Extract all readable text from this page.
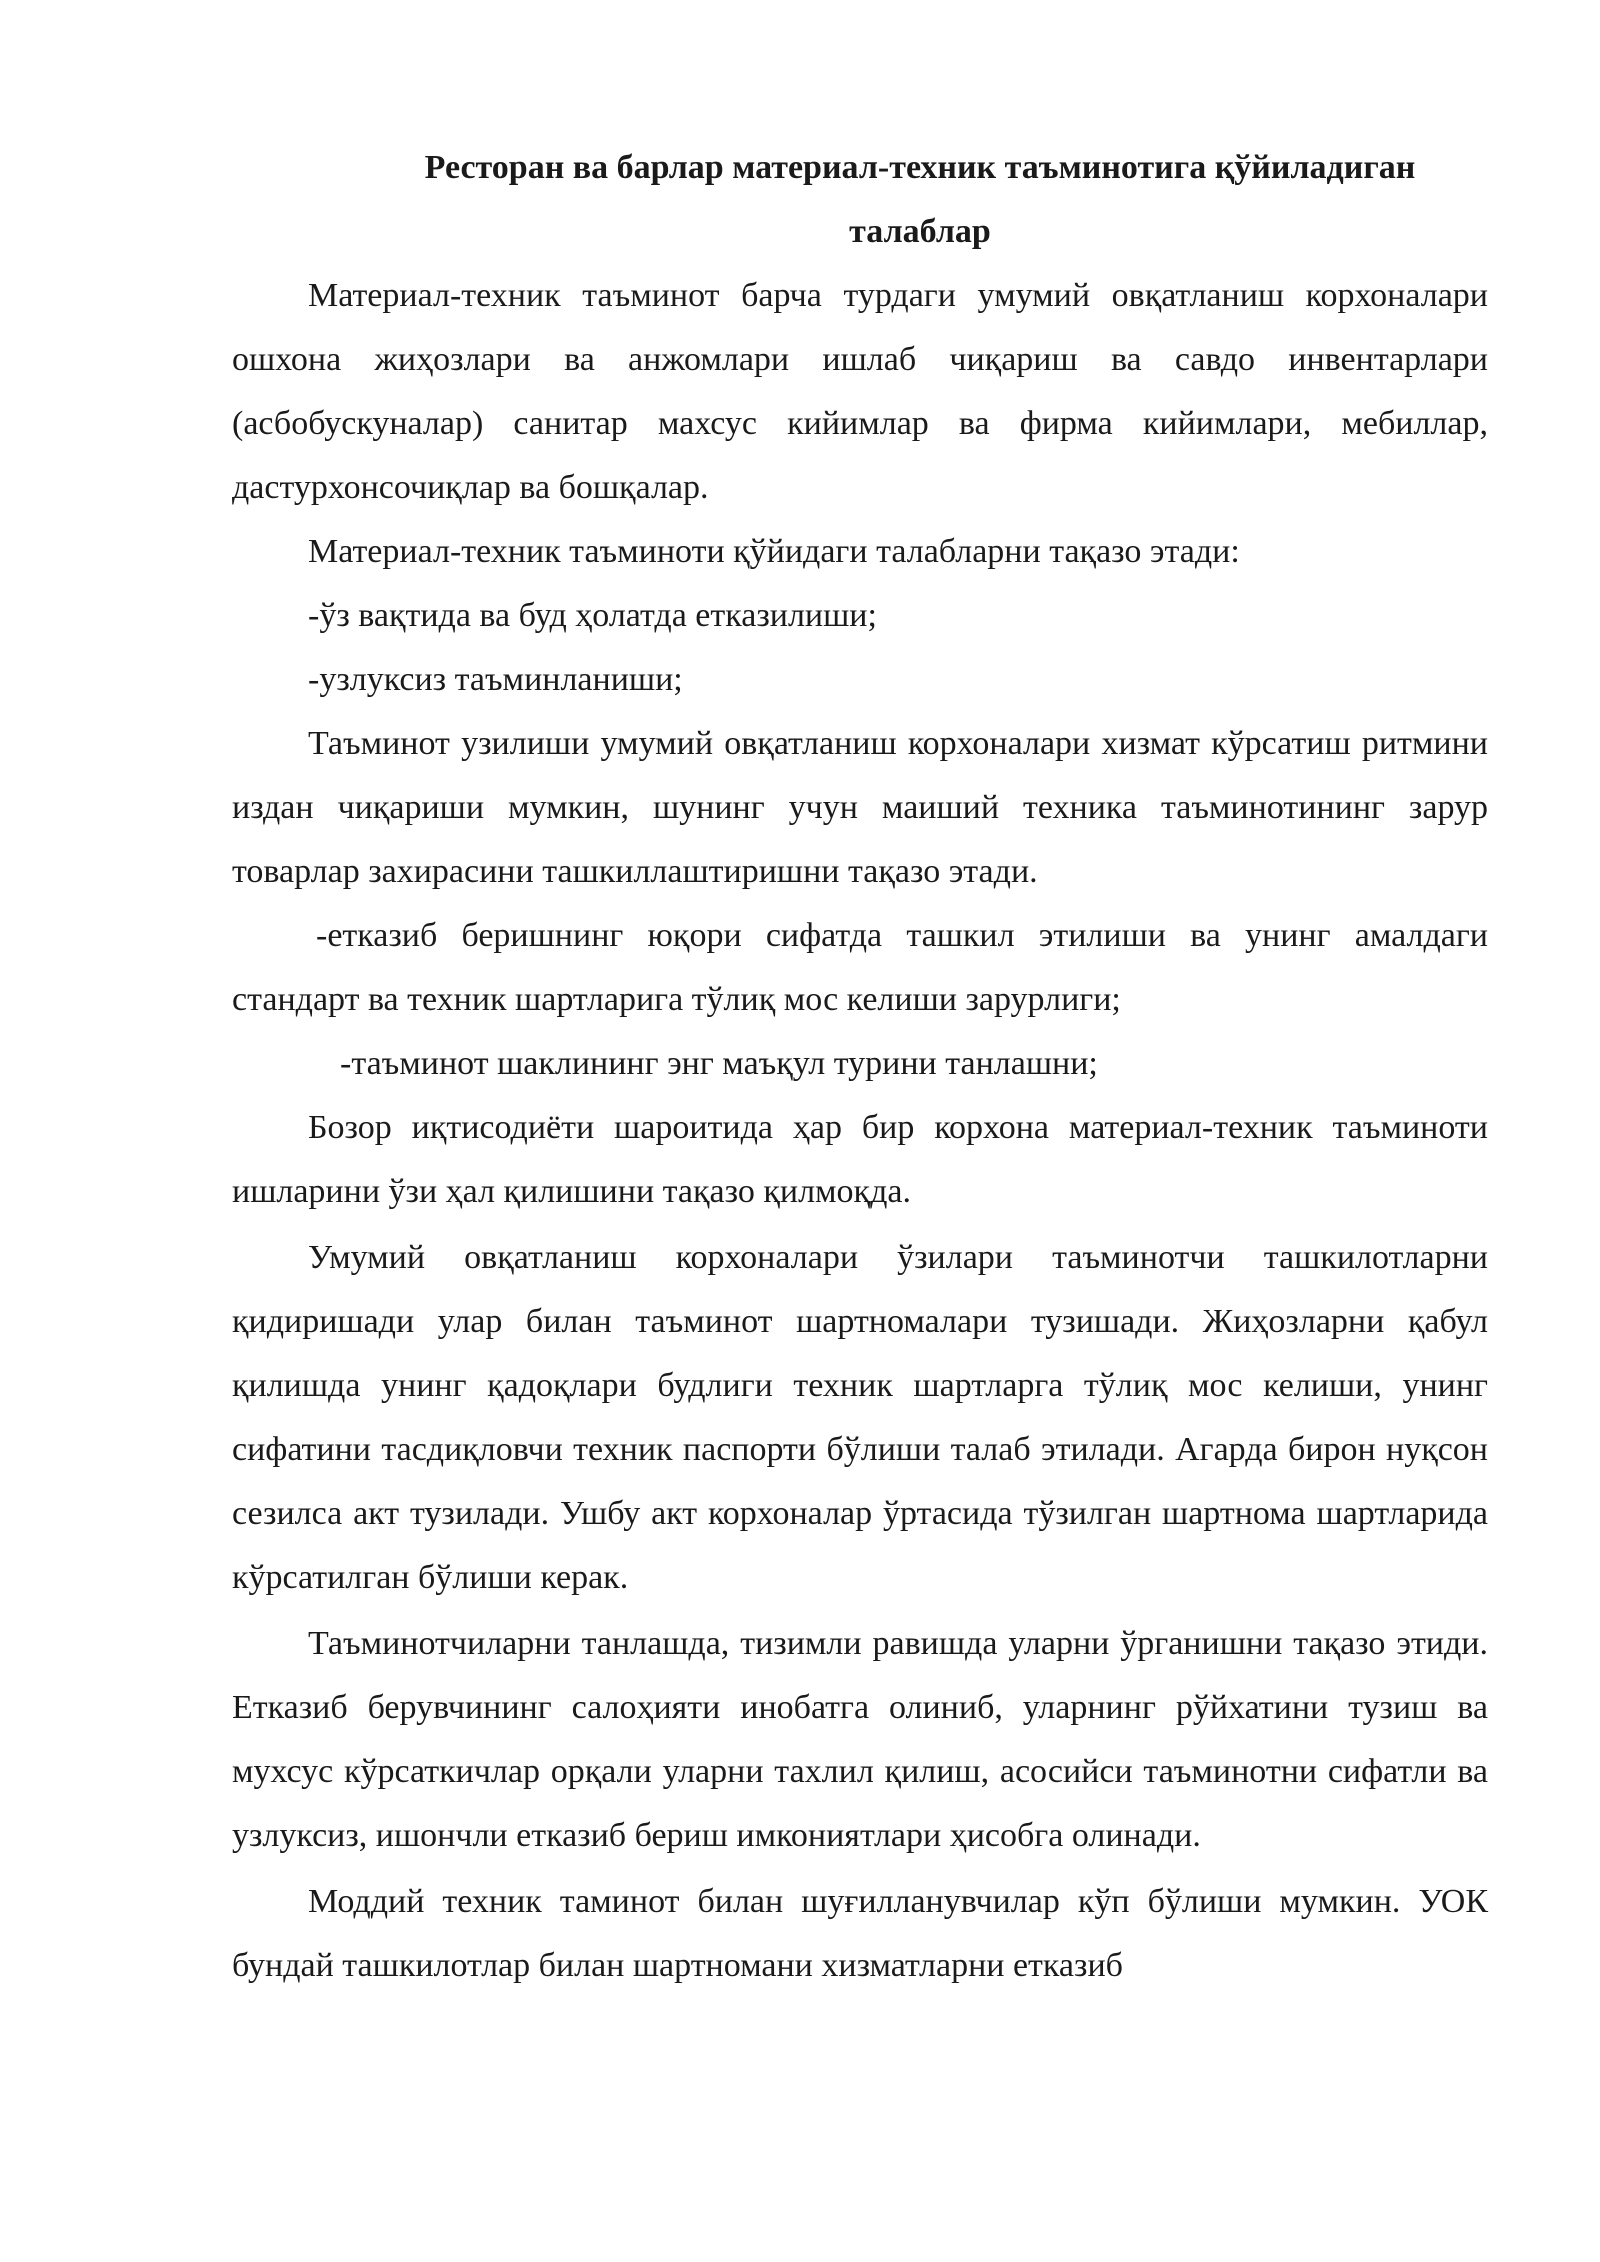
Ресторан ва барлар материал-техник таъминотига қўйиладиган
талаблар

Материал-техник таъминот барча турдаги умумий овқатланиш корхоналари ошхона жиҳозлари ва анжомлари ишлаб чиқариш ва савдо инвентарлари (асбобускуналар) санитар махсус кийимлар ва фирма кийимлари, мебиллар, дастурхонсочиқлар ва бошқалар.

Материал-техник таъминоти қўйидаги талабларни тақазо этади:

-ўз вақтида ва буд ҳолатда етказилиши;

-узлуксиз таъминланиши;

Таъминот узилиши умумий овқатланиш корхоналари хизмат кўрсатиш ритмини издан чиқариши мумкин, шунинг учун маиший техника таъминотининг зарур товарлар захирасини ташкиллаштиришни тақазо этади.

-етказиб беришнинг юқори сифатда ташкил этилиши ва унинг амалдаги стандарт ва техник шартларига тўлиқ мос келиши зарурлиги;

-таъминот шаклининг энг маъқул турини танлашни;

Бозор иқтисодиёти шароитида ҳар бир корхона материал-техник таъминоти ишларини ўзи ҳал қилишини тақазо қилмоқда.

Умумий овқатланиш корхоналари ўзилари таъминотчи ташкилотларни қидиришади улар билан таъминот шартномалари тузишади. Жиҳозларни қабул қилишда унинг қадоқлари будлиги техник шартларга тўлиқ мос келиши, унинг сифатини тасдиқловчи техник паспорти бўлиши талаб этилади. Агарда бирон нуқсон сезилса акт тузилади. Ушбу акт корхоналар ўртасида тўзилган шартнома шартларида кўрсатилган бўлиши керак.

Таъминотчиларни танлашда, тизимли равишда уларни ўрганишни тақазо этиди. Етказиб берувчининг салоҳияти инобатга олиниб, уларнинг рўйхатини тузиш ва мухсус кўрсаткичлар орқали уларни тахлил қилиш, асосийси таъминотни сифатли ва узлуксиз, ишончли етказиб бериш имкониятлари ҳисобга олинади.

Моддий техник таминот билан шуғилланувчилар кўп бўлиши мумкин. УОК бундай ташкилотлар билан шартномани хизматларни етказиб
